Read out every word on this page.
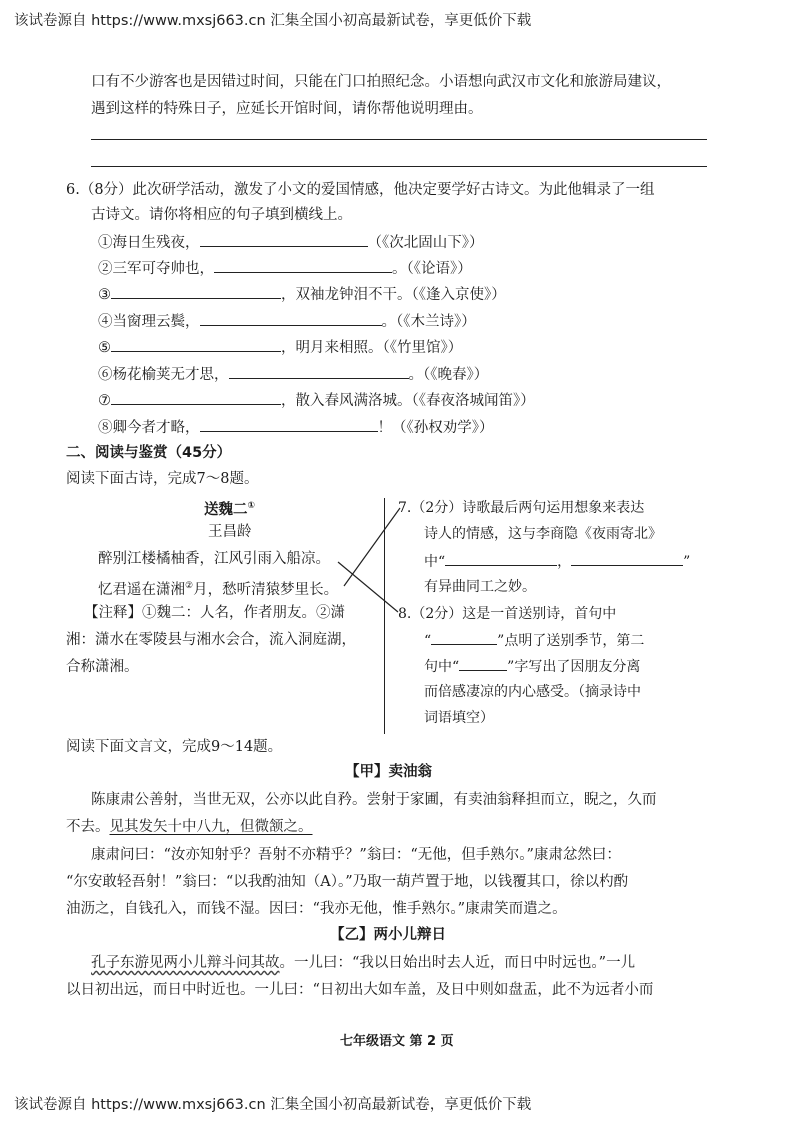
该试卷源自 https://www.mxsj663.cn 汇集全国小初高最新试卷，享更低价下载
口有不少游客也是因错过时间，只能在门口拍照纪念。小语想向武汉市文化和旅游局建议，
遇到这样的特殊日子，应延长开馆时间，请你帮他说明理由。
6.（8分）此次研学活动，激发了小文的爱国情感，他决定要学好古诗文。为此他辑录了一组
古诗文。请你将相应的句子填到横线上。
①海日生残夜，	（《次北固山下》）
②三军可夺帅也，	。（《论语》）
③	，双袖龙钟泪不干。（《逢入京使》）
④当窗理云鬓，	。（《木兰诗》）
⑤	，明月来相照。（《竹里馆》）
⑥杨花榆荚无才思，	。（《晚春》）
⑦	，散入春风满洛城。（《春夜洛城闻笛》）
⑧卿今者才略，	！（《孙权劝学》）
二、阅读与鉴赏（45分）
阅读下面古诗，完成7～8题。
送魏二①
王昌龄
醉别江楼橘柚香，江风引雨入船凉。
忆君遥在潇湘②月，愁听清猿梦里长。
【注释】①魏二：人名，作者朋友。②潇
湘：潇水在零陵县与湘水会合，流入洞庭湖，
合称潇湘。
7.（2分）诗歌最后两句运用想象来表达
诗人的情感，这与李商隐《夜雨寄北》
中“	，	”
有异曲同工之妙。
8.（2分）这是一首送别诗，首句中
“	”点明了送别季节，第二
句中“	”字写出了因朋友分离
而倍感凄凉的内心感受。（摘录诗中
词语填空）
阅读下面文言文，完成9～14题。
【甲】卖油翁
陈康肃公善射，当世无双，公亦以此自矜。尝射于家圃，有卖油翁释担而立，睨之，久而
不去。见其发矢十中八九，但微颔之。
康肃问曰：“汝亦知射乎？吾射不亦精乎？”翁曰：“无他，但手熟尔。”康肃忿然曰：
“尔安敢轻吾射！”翁曰：“以我酌油知（A）。”乃取一葫芦置于地，以钱覆其口，徐以杓酌
油沥之，自钱孔入，而钱不湿。因曰：“我亦无他，惟手熟尔。”康肃笑而遣之。
【乙】两小儿辩日
孔子东游见两小儿辩斗问其故。一儿曰：“我以日始出时去人近，而日中时远也。”一儿
以日初出远，而日中时近也。一儿曰：“日初出大如车盖，及日中则如盘盂，此不为远者小而
七年级语文 第 2 页
该试卷源自 https://www.mxsj663.cn 汇集全国小初高最新试卷，享更低价下载
